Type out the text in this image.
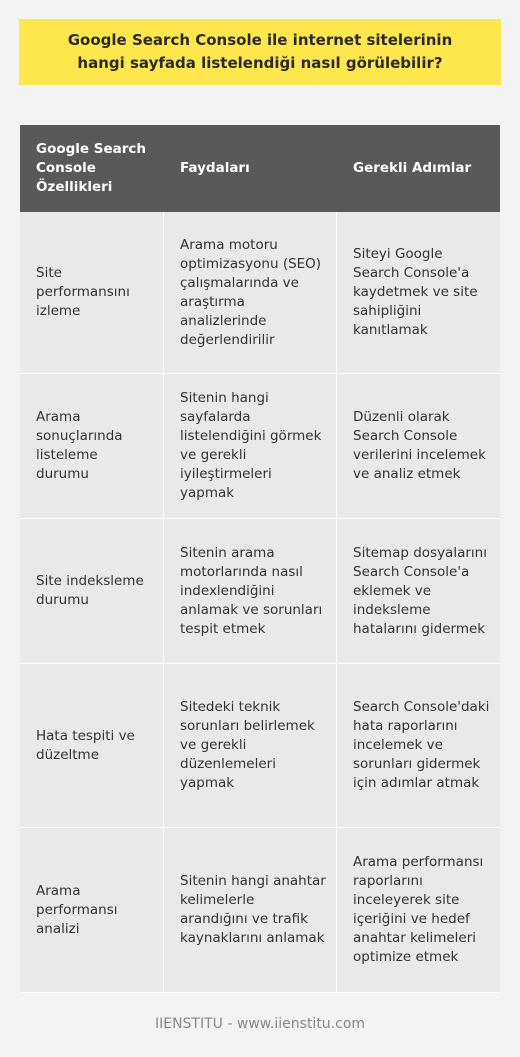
Google Search Console ile internet sitelerinin hangi sayfada listelendiği nasıl görülebilir?
Google Search Console Özellikleri	Faydaları	Gerekli Adımlar
Site performansını izleme	Arama motoru optimizasyonu (SEO) çalışmalarında ve araştırma analizlerinde değerlendirilir	Siteyi Google Search Console'a kaydetmek ve site sahipliğini kanıtlamak
Arama sonuçlarında listeleme durumu	Sitenin hangi sayfalarda listelendiğini görmek ve gerekli iyileştirmeleri yapmak	Düzenli olarak Search Console verilerini incelemek ve analiz etmek
Site indeksleme durumu	Sitenin arama motorlarında nasıl indexlendiğini anlamak ve sorunları tespit etmek	Sitemap dosyalarını Search Console'a eklemek ve indeksleme hatalarını gidermek
Hata tespiti ve düzeltme	Sitedeki teknik sorunları belirlemek ve gerekli düzenlemeleri yapmak	Search Console'daki hata raporlarını incelemek ve sorunları gidermek için adımlar atmak
Arama performansı analizi	Sitenin hangi anahtar kelimelerle arandığını ve trafik kaynaklarını anlamak	Arama performansı raporlarını inceleyerek site içeriğini ve hedef anahtar kelimeleri optimize etmek
IIENSTITU - www.iienstitu.com
